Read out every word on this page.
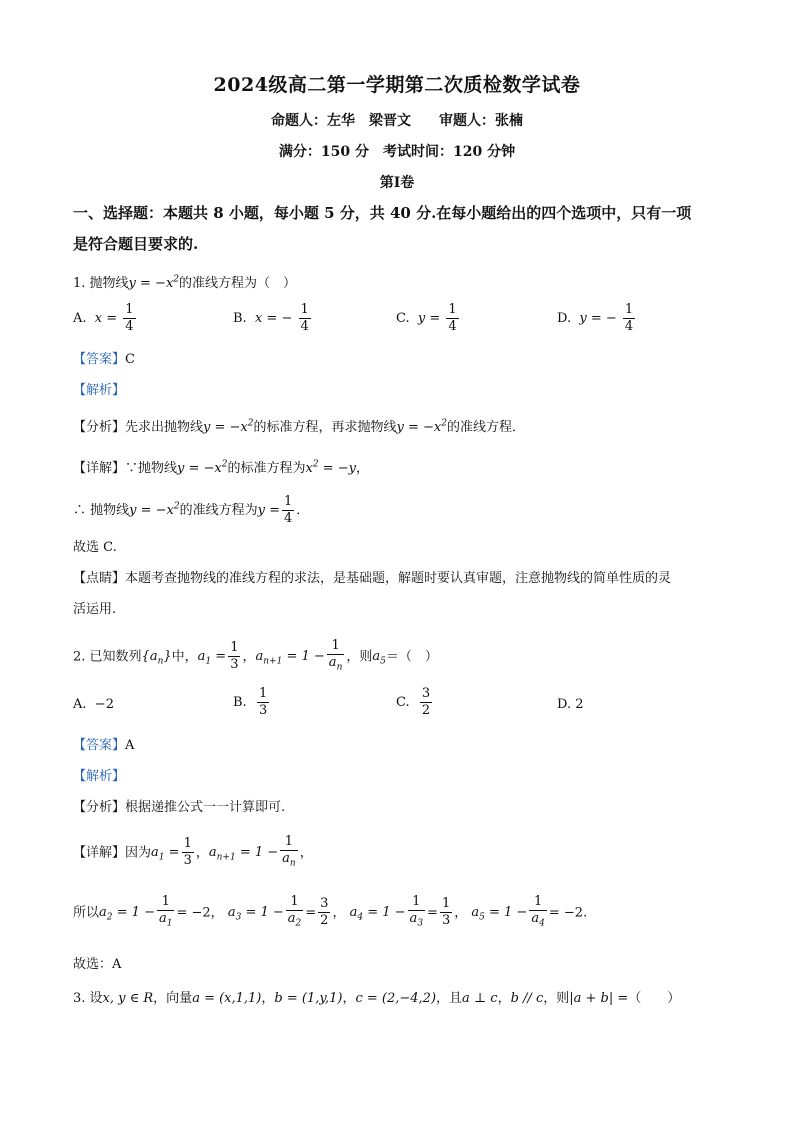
2024级高二第一学期第二次质检数学试卷
命题人：左华　梁晋文　　审题人：张楠
满分：150 分　考试时间：120 分钟
第Ⅰ卷
一、选择题：本题共 8 小题，每小题 5 分，共 40 分.在每小题给出的四个选项中，只有一项
是符合题目要求的.
1. 抛物线$y = -x^2$的准线方程为（　）
A. $x = \frac{1}{4}$	B. x = − $\frac{1}{4}$	C. $y = \frac{1}{4}$	D. y = − $\frac{1}{4}$
【答案】C
【解析】
【分析】先求出抛物线$y = -x^2$的标准方程，再求抛物线$y = -x^2$的准线方程．
【详解】∵抛物线$y = -x^2$的标准方程为$x^2 = -y$，
∴ 抛物线$y = -x^2$的准线方程为$y = \frac{1}{4}$ ．
故选 C.
【点睛】本题考查抛物线的准线方程的求法，是基础题，解题时要认真审题，注意抛物线的简单性质的灵
活运用.
2. 已知数列$\{a_n\}$中，$a_1 = \frac{1}{3}$ ，$a_{n+1} = 1 - \frac{1}{a_n}$ ，则$a_5=$（　）
A. −2	B. $\frac{1}{3}$	C. $\frac{3}{2}$	D. 2
【答案】A
【解析】
【分析】根据递推公式一一计算即可.
【详解】因为$a_1 = \frac{1}{3}$ ，$a_{n+1} = 1 - \frac{1}{a_n}$ ，
所以$a_2 = 1 - \frac{1}{a_1} = -2$， $a_3 = 1 - \frac{1}{a_2} = \frac{3}{2}$ ， $a_4 = 1 - \frac{1}{a_3} = \frac{1}{3}$ ， $a_5 = 1 - \frac{1}{a_4} = -2$.
故选：A
3. 设x, y ∈ R，向量a = (x,1,1)，b = (1,y,1)，c = (2,−4,2)，且a ⊥ c，b // c，则|a + b| =（　　）
